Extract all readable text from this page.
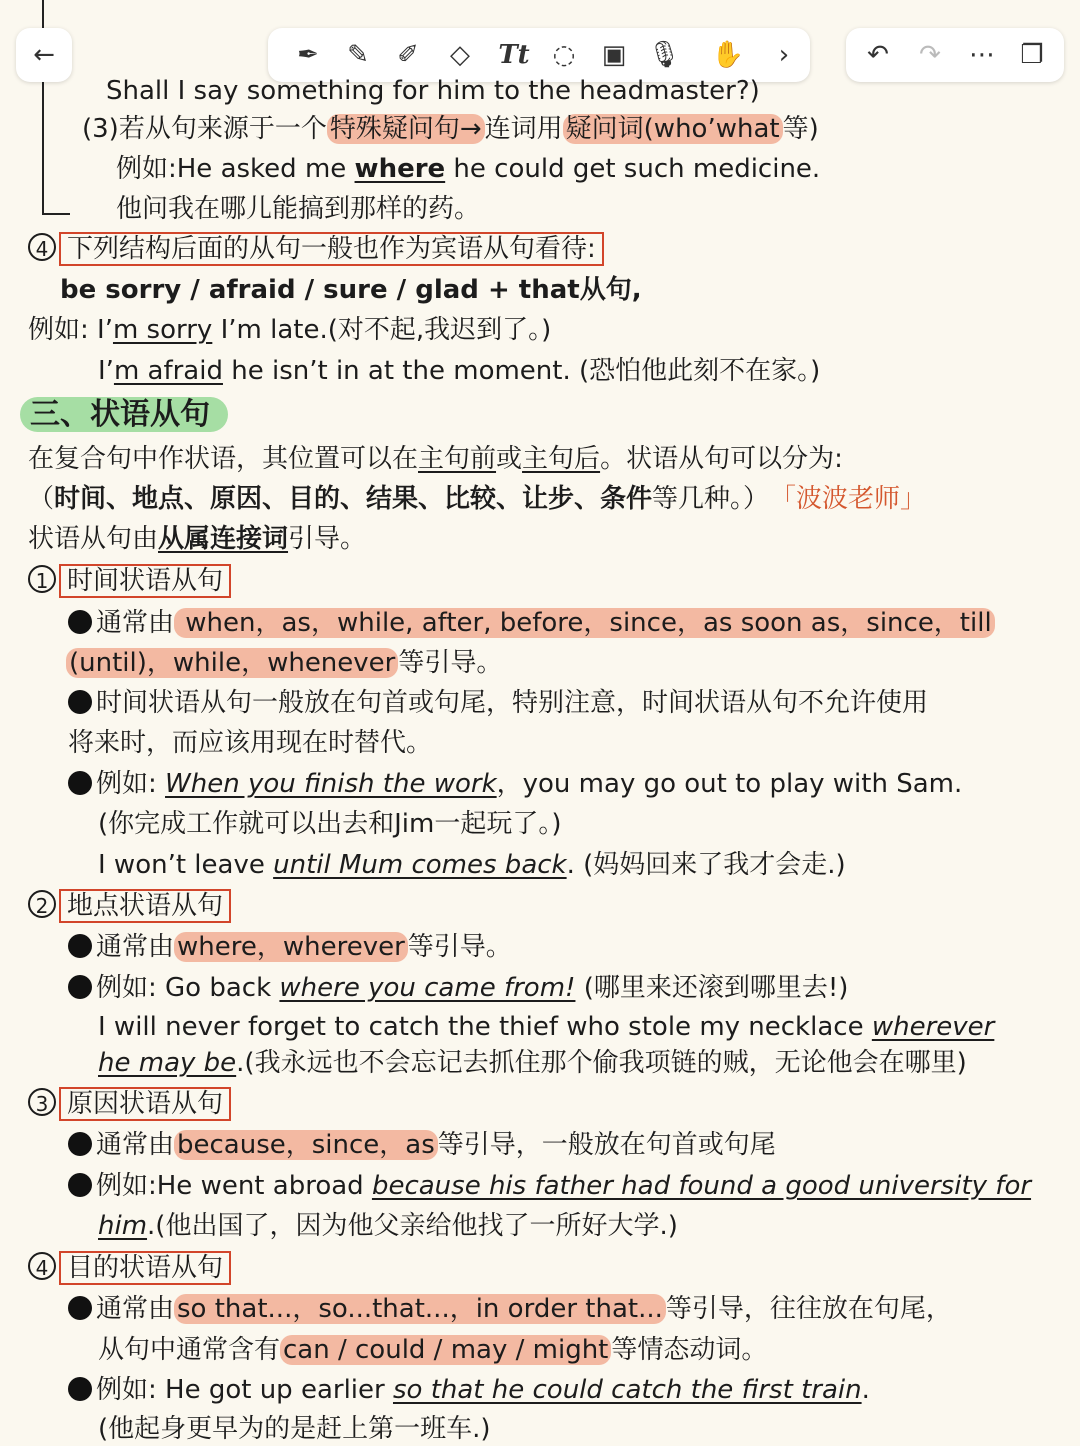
←	✒	✎	✐	◇	Tt ◌	▣ 🎙 ✋	›	↶	↷	⋯ ❐
Shall I say something for him to the headmaster?)
(3)若从句来源于一个 特殊疑问句→ 连词用 疑问词(who’what 等)
例如:He asked me where he could get such medicine.
他问我在哪儿能搞到那样的药。
4 下列结构后面的从句一般也作为宾语从句看待:
be sorry / afraid / sure / glad + that从句,
例如: I’m sorry I’m late.(对不起,我迟到了。)
I’m afraid he isn’t in at the moment. (恐怕他此刻不在家。)
三、状语从句
在复合句中作状语，其位置可以在主句前或主句后。状语从句可以分为:
（时间、地点、原因、目的、结果、比较、让步、条件等几种。） 「波波老师」
状语从句由从属连接词引导。
1 时间状语从句
通常由 when，as，while, after, before，since，as soon as，since，till
(until)，while，whenever 等引导。
时间状语从句一般放在句首或句尾，特别注意，时间状语从句不允许使用
将来时，而应该用现在时替代。
例如: When you finish the work，you may go out to play with Sam.
(你完成工作就可以出去和Jim一起玩了。)
I won’t leave until Mum comes back. (妈妈回来了我才会走.)
2 地点状语从句
通常由 where，wherever 等引导。
例如: Go back where you came from! (哪里来还滚到哪里去!)
I will never forget to catch the thief who stole my necklace wherever
he may be.(我永远也不会忘记去抓住那个偷我项链的贼，无论他会在哪里)
3 原因状语从句
通常由 because，since，as 等引导，一般放在句首或句尾
例如:He went abroad because his father had found a good university for
him.(他出国了，因为他父亲给他找了一所好大学.)
4 目的状语从句
通常由 so that...，so...that...，in order that... 等引导，往往放在句尾，
从句中通常含有 can / could / may / might 等情态动词。
例如: He got up earlier so that he could catch the first train.
(他起身更早为的是赶上第一班车.)
